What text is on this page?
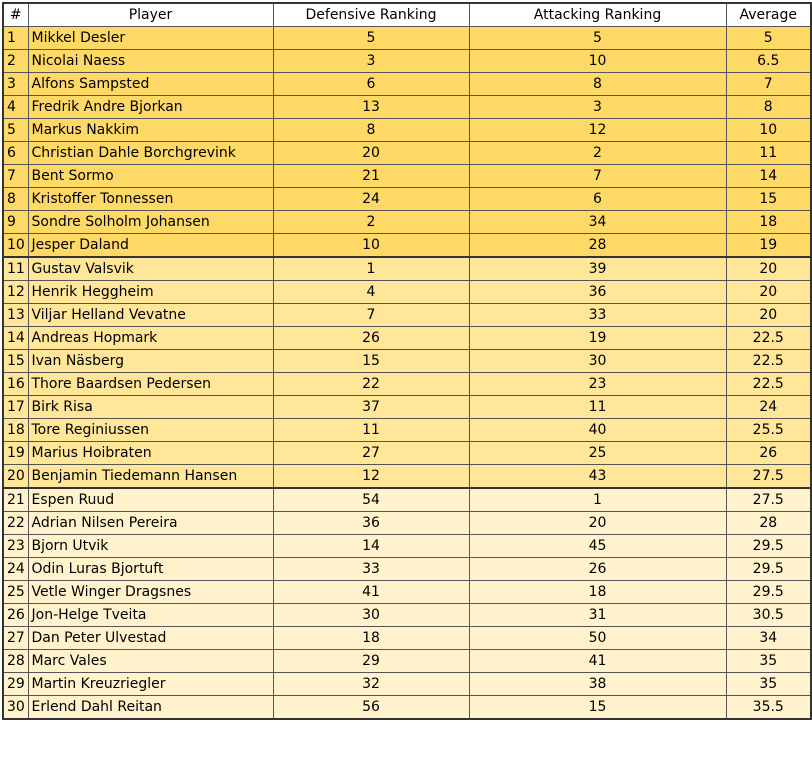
#	Player	Defensive Ranking	Attacking Ranking	Average
1	Mikkel Desler	5	5	5
2	Nicolai Naess	3	10	6.5
3	Alfons Sampsted	6	8	7
4	Fredrik Andre Bjorkan	13	3	8
5	Markus Nakkim	8	12	10
6	Christian Dahle Borchgrevink	20	2	11
7	Bent Sormo	21	7	14
8	Kristoffer Tonnessen	24	6	15
9	Sondre Solholm Johansen	2	34	18
10	Jesper Daland	10	28	19
11	Gustav Valsvik	1	39	20
12	Henrik Heggheim	4	36	20
13	Viljar Helland Vevatne	7	33	20
14	Andreas Hopmark	26	19	22.5
15	Ivan Näsberg	15	30	22.5
16	Thore Baardsen Pedersen	22	23	22.5
17	Birk Risa	37	11	24
18	Tore Reginiussen	11	40	25.5
19	Marius Hoibraten	27	25	26
20	Benjamin Tiedemann Hansen	12	43	27.5
21	Espen Ruud	54	1	27.5
22	Adrian Nilsen Pereira	36	20	28
23	Bjorn Utvik	14	45	29.5
24	Odin Luras Bjortuft	33	26	29.5
25	Vetle Winger Dragsnes	41	18	29.5
26	Jon-Helge Tveita	30	31	30.5
27	Dan Peter Ulvestad	18	50	34
28	Marc Vales	29	41	35
29	Martin Kreuzriegler	32	38	35
30	Erlend Dahl Reitan	56	15	35.5
